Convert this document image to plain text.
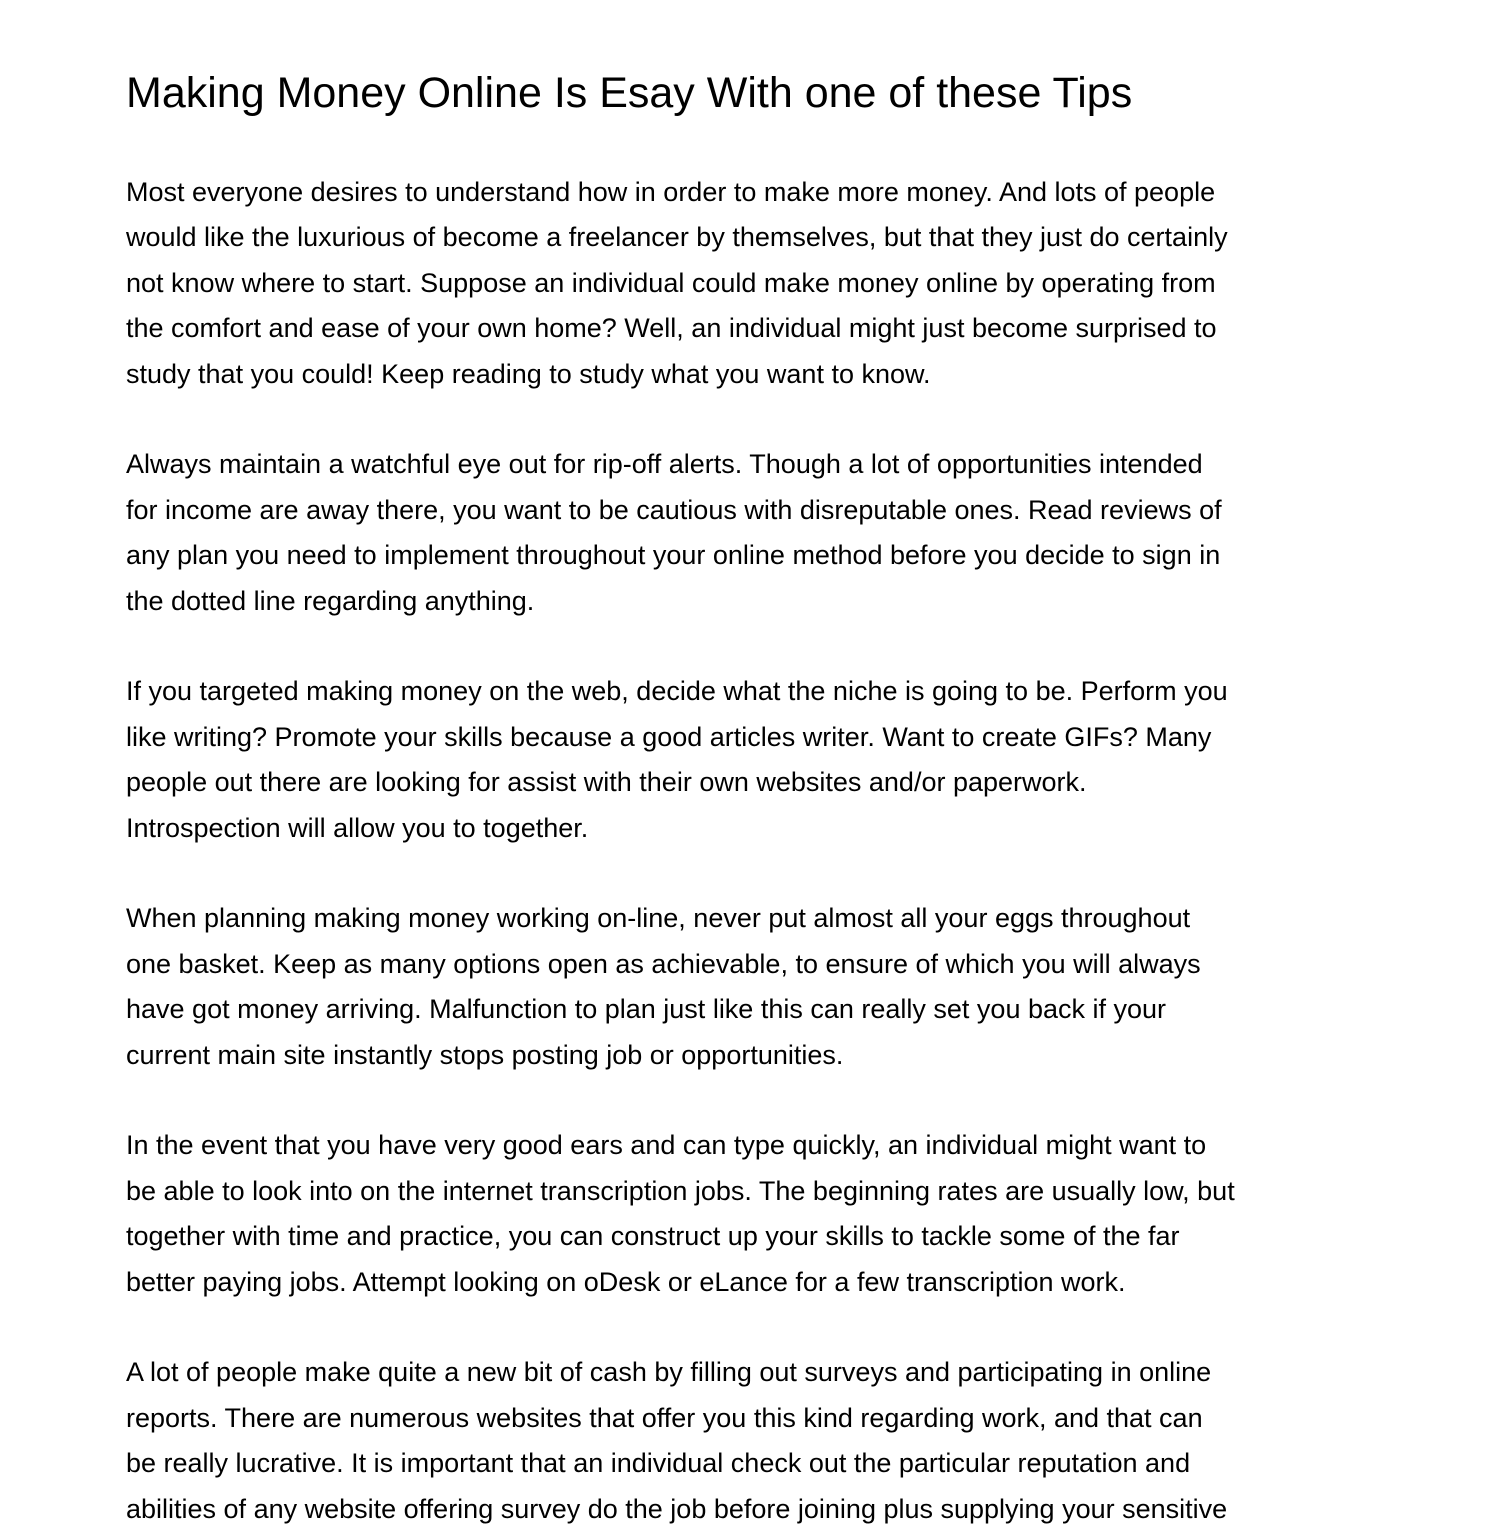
Making Money Online Is Esay With one of these Tips

Most everyone desires to understand how in order to make more money. And lots of people
would like the luxurious of become a freelancer by themselves, but that they just do certainly
not know where to start. Suppose an individual could make money online by operating from
the comfort and ease of your own home? Well, an individual might just become surprised to
study that you could! Keep reading to study what you want to know.

Always maintain a watchful eye out for rip-off alerts. Though a lot of opportunities intended
for income are away there, you want to be cautious with disreputable ones. Read reviews of
any plan you need to implement throughout your online method before you decide to sign in
the dotted line regarding anything.

If you targeted making money on the web, decide what the niche is going to be. Perform you
like writing? Promote your skills because a good articles writer. Want to create GIFs? Many
people out there are looking for assist with their own websites and/or paperwork.
Introspection will allow you to together.

When planning making money working on-line, never put almost all your eggs throughout
one basket. Keep as many options open as achievable, to ensure of which you will always
have got money arriving. Malfunction to plan just like this can really set you back if your
current main site instantly stops posting job or opportunities.

In the event that you have very good ears and can type quickly, an individual might want to
be able to look into on the internet transcription jobs. The beginning rates are usually low, but
together with time and practice, you can construct up your skills to tackle some of the far
better paying jobs. Attempt looking on oDesk or eLance for a few transcription work.

A lot of people make quite a new bit of cash by filling out surveys and participating in online
reports. There are numerous websites that offer you this kind regarding work, and that can
be really lucrative. It is important that an individual check out the particular reputation and
abilities of any website offering survey do the job before joining plus supplying your sensitive
